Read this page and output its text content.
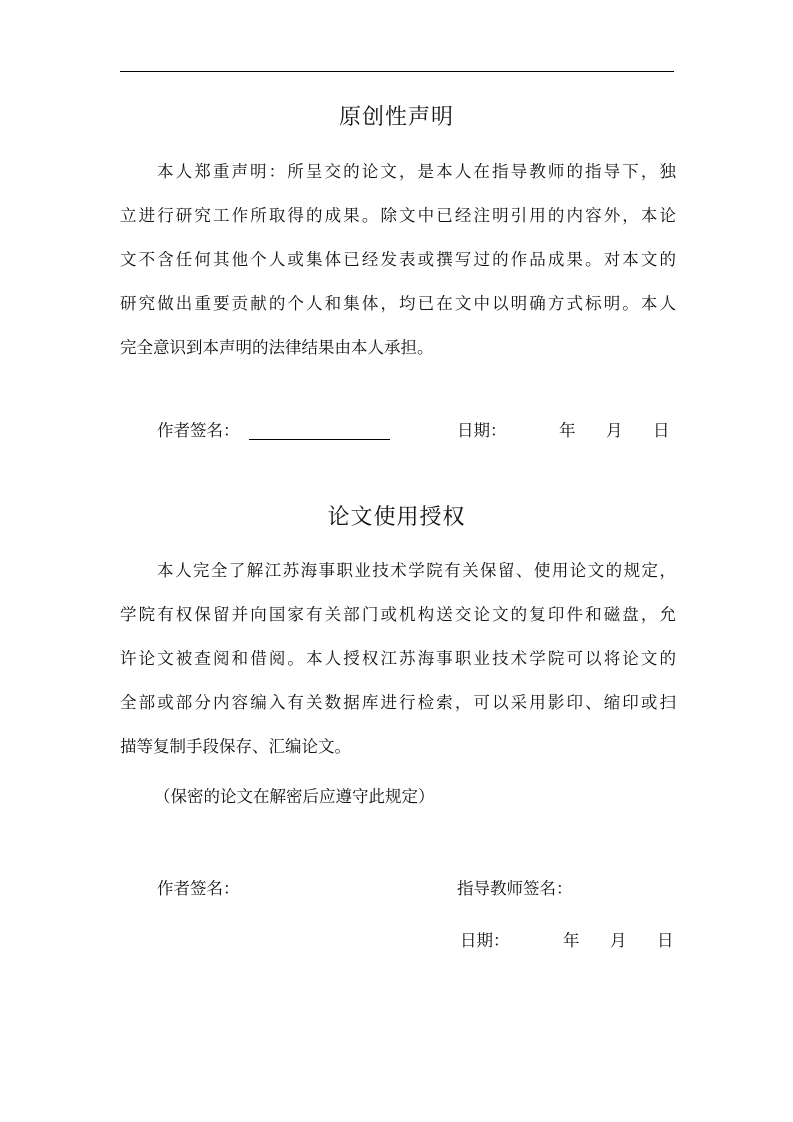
原创性声明
本人郑重声明：所呈交的论文，是本人在指导教师的指导下，独
立进行研究工作所取得的成果。除文中已经注明引用的内容外，本论
文不含任何其他个人或集体已经发表或撰写过的作品成果。对本文的
研究做出重要贡献的个人和集体，均已在文中以明确方式标明。本人
完全意识到本声明的法律结果由本人承担。
作者签名：	日期：	年 月 日
论文使用授权
本人完全了解江苏海事职业技术学院有关保留、使用论文的规定，
学院有权保留并向国家有关部门或机构送交论文的复印件和磁盘，允
许论文被查阅和借阅。本人授权江苏海事职业技术学院可以将论文的
全部或部分内容编入有关数据库进行检索，可以采用影印、缩印或扫
描等复制手段保存、汇编论文。
（保密的论文在解密后应遵守此规定）
作者签名：	指导教师签名：
日期：	年 月 日
